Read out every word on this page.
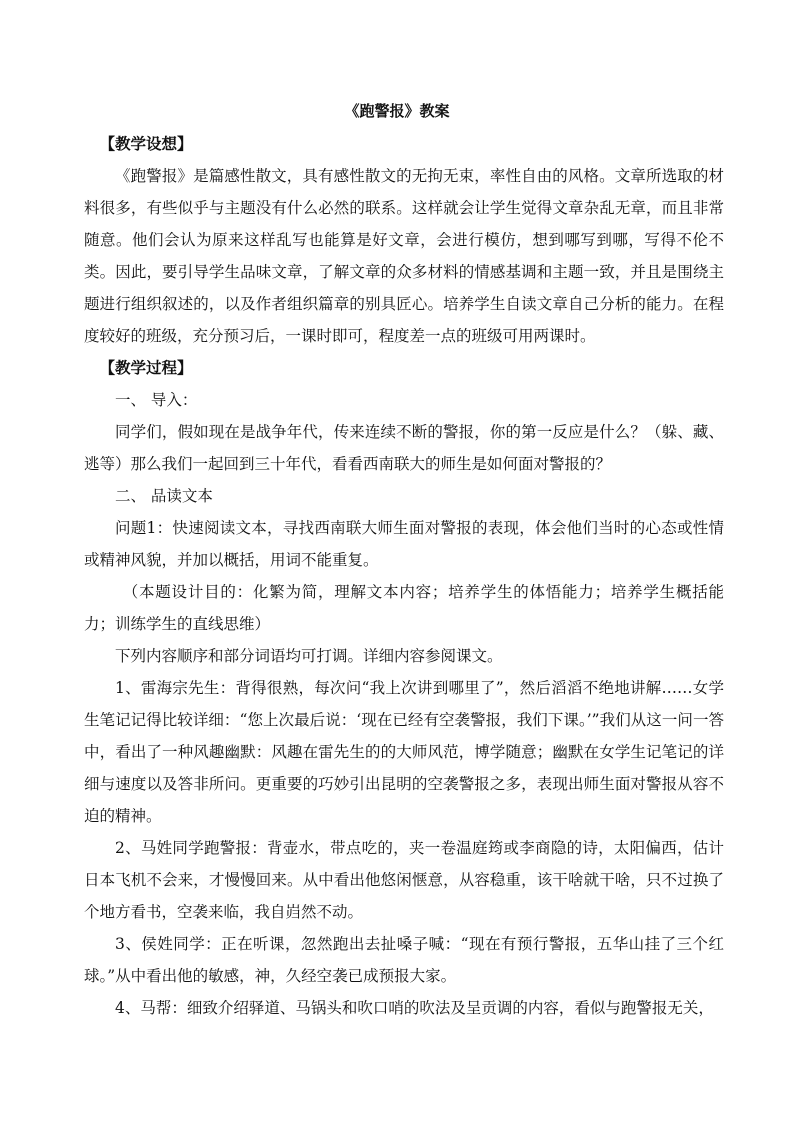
《跑警报》教案

【教学设想】

《跑警报》是篇感性散文，具有感性散文的无拘无束，率性自由的风格。文章所选取的材料很多，有些似乎与主题没有什么必然的联系。这样就会让学生觉得文章杂乱无章，而且非常随意。他们会认为原来这样乱写也能算是好文章，会进行模仿，想到哪写到哪，写得不伦不类。因此，要引导学生品味文章，了解文章的众多材料的情感基调和主题一致，并且是围绕主题进行组织叙述的，以及作者组织篇章的别具匠心。培养学生自读文章自己分析的能力。在程度较好的班级，充分预习后，一课时即可，程度差一点的班级可用两课时。

【教学过程】

一、 导入：

同学们，假如现在是战争年代，传来连续不断的警报，你的第一反应是什么？（躲、藏、逃等）那么我们一起回到三十年代，看看西南联大的师生是如何面对警报的？

二、 品读文本

问题1：快速阅读文本，寻找西南联大师生面对警报的表现，体会他们当时的心态或性情或精神风貌，并加以概括，用词不能重复。

（本题设计目的：化繁为简，理解文本内容；培养学生的体悟能力；培养学生概括能力；训练学生的直线思维）

下列内容顺序和部分词语均可打调。详细内容参阅课文。

1、雷海宗先生：背得很熟，每次问“我上次讲到哪里了”，然后滔滔不绝地讲解……女学生笔记记得比较详细：“您上次最后说：‘现在已经有空袭警报，我们下课。’”我们从这一问一答中，看出了一种风趣幽默：风趣在雷先生的的大师风范，博学随意；幽默在女学生记笔记的详细与速度以及答非所问。更重要的巧妙引出昆明的空袭警报之多，表现出师生面对警报从容不迫的精神。

2、马姓同学跑警报：背壶水，带点吃的，夹一卷温庭筠或李商隐的诗，太阳偏西，估计日本飞机不会来，才慢慢回来。从中看出他悠闲惬意，从容稳重，该干啥就干啥，只不过换了个地方看书，空袭来临，我自岿然不动。

3、侯姓同学：正在听课，忽然跑出去扯嗓子喊：“现在有预行警报，五华山挂了三个红球。”从中看出他的敏感，神，久经空袭已成预报大家。

4、马帮：细致介绍驿道、马锅头和吹口哨的吹法及呈贡调的内容，看似与跑警报无关，
